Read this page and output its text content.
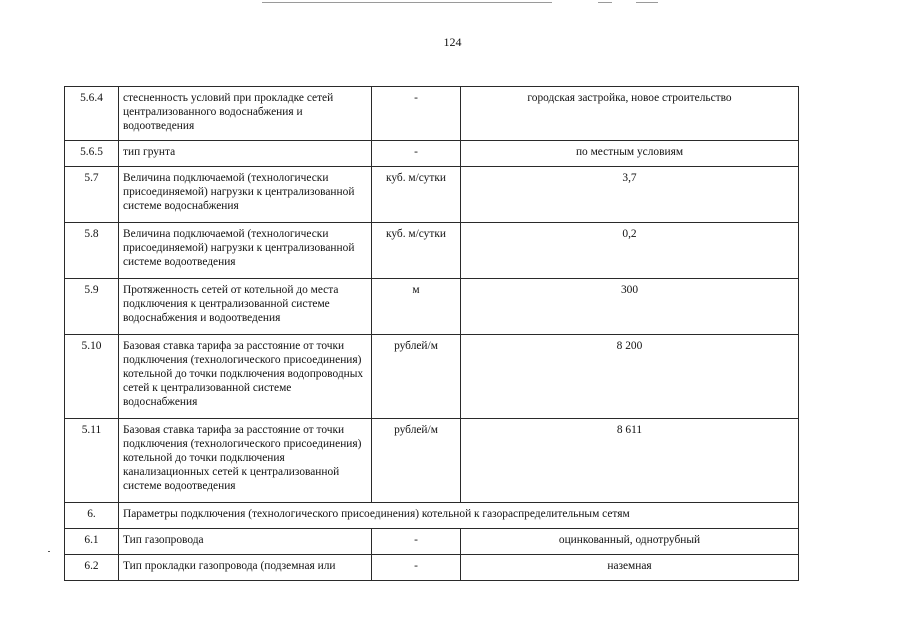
124
5.6.4	стесненность условий при прокладке сетей централизованного водоснабжения и водоотведения	-	городская застройка, новое строительство
5.6.5	тип грунта	-	по местным условиям
5.7	Величина подключаемой (технологически присоединяемой) нагрузки к централизованной системе водоснабжения	куб. м/сутки	3,7
5.8	Величина подключаемой (технологически присоединяемой) нагрузки к централизованной системе водоотведения	куб. м/сутки	0,2
5.9	Протяженность сетей от котельной до места подключения к централизованной системе водоснабжения и водоотведения	м	300
5.10	Базовая ставка тарифа за расстояние от точки подключения (технологического присоединения) котельной до точки подключения водопроводных сетей к централизованной системе водоснабжения	рублей/м	8 200
5.11	Базовая ставка тарифа за расстояние от точки подключения (технологического присоединения) котельной до точки подключения канализационных сетей к централизованной системе водоотведения	рублей/м	8 611
6.	Параметры подключения (технологического присоединения) котельной к газораспределительным сетям		
6.1	Тип газопровода	-	оцинкованный, однотрубный
6.2	Тип прокладки газопровода (подземная или	-	наземная
